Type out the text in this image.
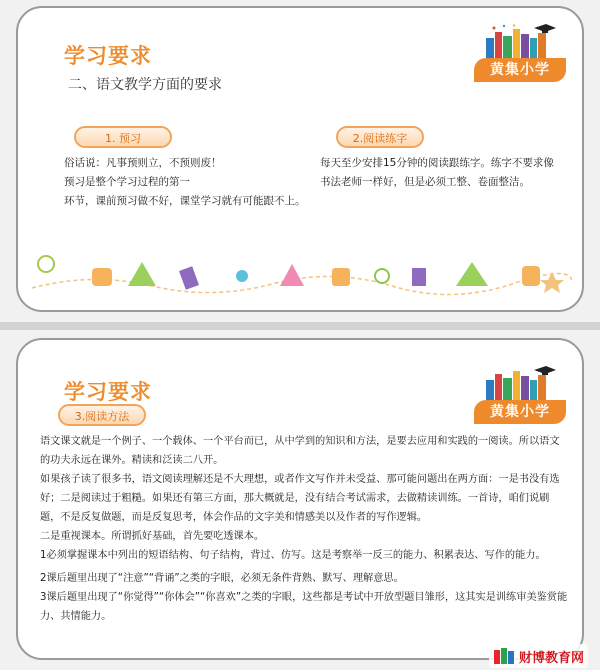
学习要求
二、语文教学方面的要求
黄集小学
1. 预习
俗话说：凡事预则立，不预则废！
预习是整个学习过程的第一
环节，课前预习做不好，课堂学习就有可能跟不上。
2.阅读练字
每天至少安排15分钟的阅读跟练字。练字不要求像
书法老师一样好，但是必须工整、卷面整洁。
学习要求
黄集小学
3.阅读方法

语文课文就是一个例子、一个载体、一个平台而已，从中学到的知识和方法，是要去应用和实践的一阅读。所以语文的功夫永远在课外。精读和泛读二八开。

如果孩子读了很多书，语文阅读理解还是不大理想，或者作文写作并未受益、那可能问题出在两方面：一是书没有选好；二是阅读过于粗糙。如果还有第三方面，那大概就是，没有结合考试需求，去做精读训练。一首诗，咱们说刷题，不是反复做题，而是反复思考，体会作品的文字美和情感美以及作者的写作逻辑。

二是重视课本。所谓抓好基础，首先要吃透课本。

1必须掌握课本中列出的短语结构、句子结构，背过、仿写。这是考察举一反三的能力、积累表达、写作的能力。

2课后题里出现了“注意”“背诵”之类的字眼，必须无条件背熟、默写、理解意思。

3课后题里出现了“你觉得”“你体会”“你喜欢”之类的字眼，这些都是考试中开放型题目雏形，这其实是训练审美鉴赏能力、共情能力。

财博教育网
